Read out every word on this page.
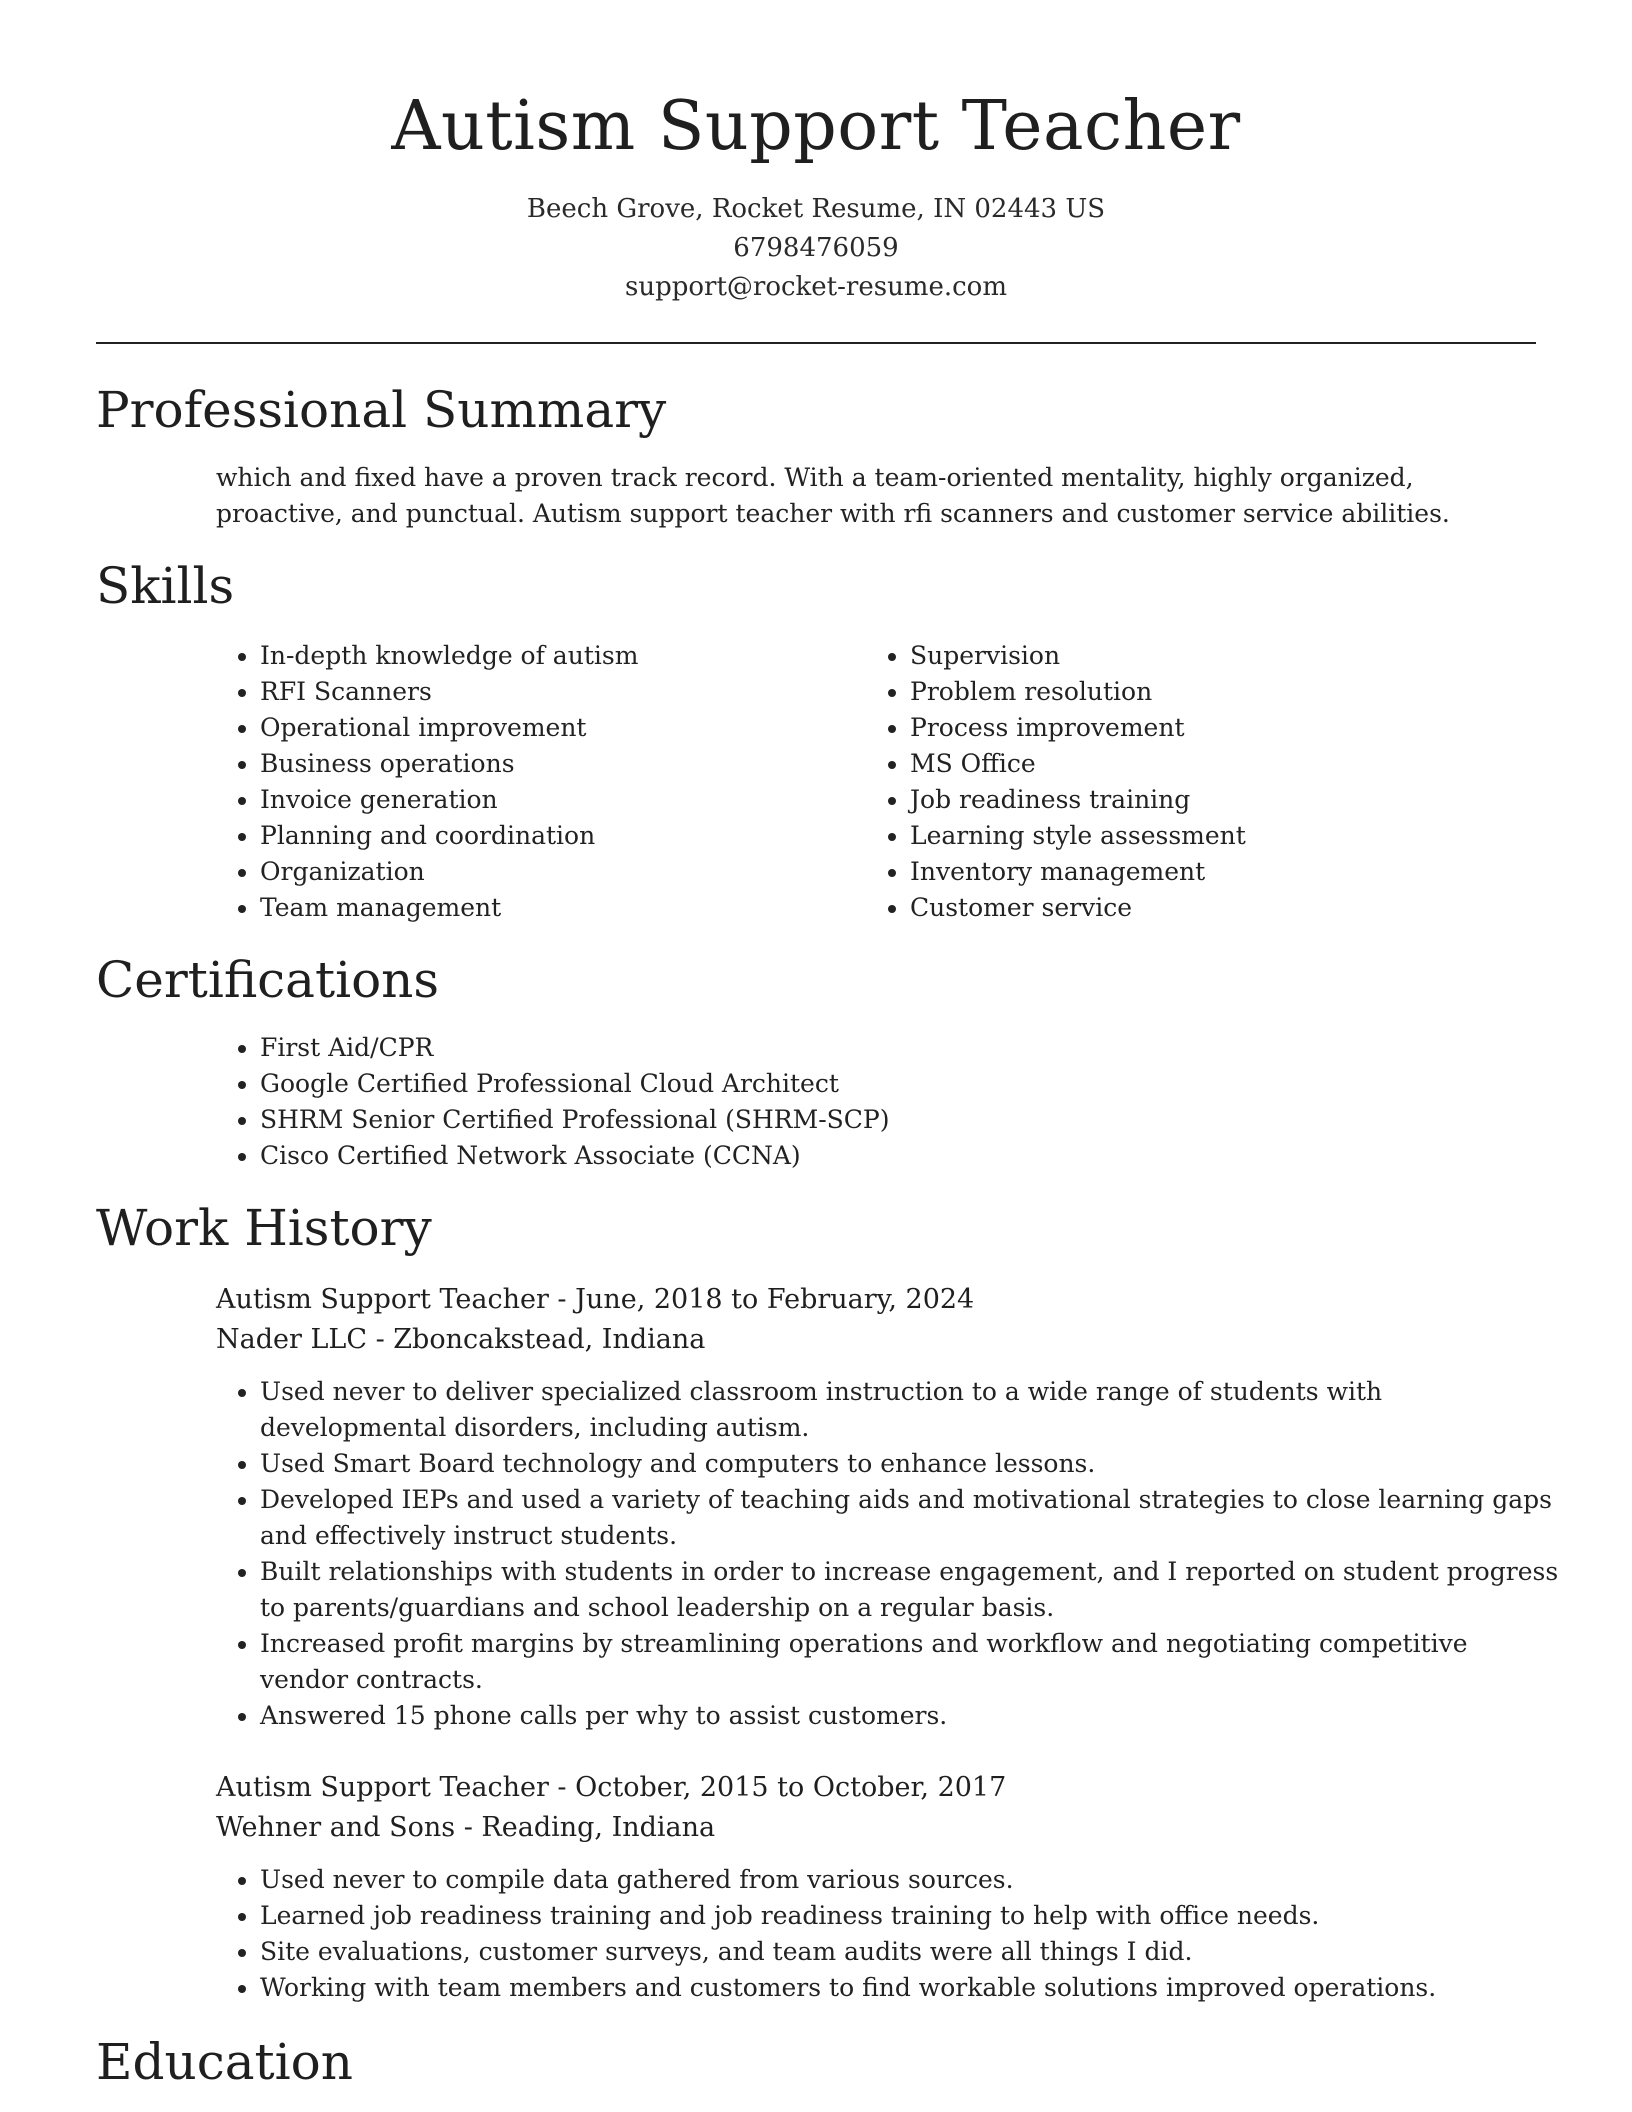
Autism Support Teacher
Beech Grove, Rocket Resume, IN 02443 US
6798476059
support@rocket-resume.com
Professional Summary

which and fixed have a proven track record. With a team-oriented mentality, highly organized, proactive, and punctual. Autism support teacher with rfi scanners and customer service abilities.

Skills
• In-depth knowledge of autism
• RFI Scanners
• Operational improvement
• Business operations
• Invoice generation
• Planning and coordination
• Organization
• Team management
• Supervision
• Problem resolution
• Process improvement
• MS Office
• Job readiness training
• Learning style assessment
• Inventory management
• Customer service
Certifications
• First Aid/CPR
• Google Certified Professional Cloud Architect
• SHRM Senior Certified Professional (SHRM-SCP)
• Cisco Certified Network Associate (CCNA)
Work History
Autism Support Teacher - June, 2018 to February, 2024
Nader LLC - Zboncakstead, Indiana
• Used never to deliver specialized classroom instruction to a wide range of students with developmental disorders, including autism.
• Used Smart Board technology and computers to enhance lessons.
• Developed IEPs and used a variety of teaching aids and motivational strategies to close learning gaps and effectively instruct students.
• Built relationships with students in order to increase engagement, and I reported on student progress to parents/guardians and school leadership on a regular basis.
• Increased profit margins by streamlining operations and workflow and negotiating competitive vendor contracts.
• Answered 15 phone calls per why to assist customers.
Autism Support Teacher - October, 2015 to October, 2017
Wehner and Sons - Reading, Indiana
• Used never to compile data gathered from various sources.
• Learned job readiness training and job readiness training to help with office needs.
• Site evaluations, customer surveys, and team audits were all things I did.
• Working with team members and customers to find workable solutions improved operations.
Education
